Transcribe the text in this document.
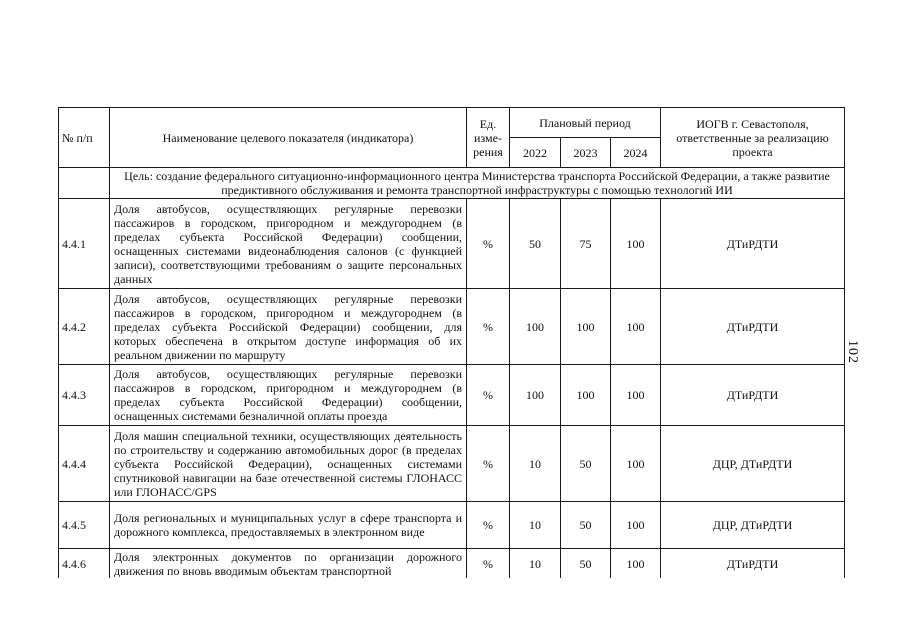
№ п/п	Наименование целевого показателя (индикатора)	Ед. изме-рения	Плановый период			ИОГВ г. Севастополя, ответственные за реализацию проекта
			2022	2023	2024	
	Цель: создание федерального ситуационно-информационного центра Министерства транспорта Российской Федерации, а также развитие предиктивного обслуживания и ремонта транспортной инфраструктуры с помощью технологий ИИ					
4.4.1	Доля автобусов, осуществляющих регулярные перевозки пассажиров в городском, пригородном и междугороднем (в пределах субъекта Российской Федерации) сообщении, оснащенных системами видеонаблюдения салонов (с функцией записи), соответствующими требованиям о защите персональных данных	%	50	75	100	ДТиРДТИ
4.4.2	Доля автобусов, осуществляющих регулярные перевозки пассажиров в городском, пригородном и междугороднем (в пределах субъекта Российской Федерации) сообщении, для которых обеспечена в открытом доступе информация об их реальном движении по маршруту	%	100	100	100	ДТиРДТИ
4.4.3	Доля автобусов, осуществляющих регулярные перевозки пассажиров в городском, пригородном и междугороднем (в пределах субъекта Российской Федерации) сообщении, оснащенных системами безналичной оплаты проезда	%	100	100	100	ДТиРДТИ
4.4.4	Доля машин специальной техники, осуществляющих деятельность по строительству и содержанию автомобильных дорог (в пределах субъекта Российской Федерации), оснащенных системами спутниковой навигации на базе отечественной системы ГЛОНАСС или ГЛОНАСС/GPS	%	10	50	100	ДЦР, ДТиРДТИ
4.4.5	Доля региональных и муниципальных услуг в сфере транспорта и дорожного комплекса, предоставляемых в электронном виде	%	10	50	100	ДЦР, ДТиРДТИ
4.4.6	Доля электронных документов по организации дорожного движения по вновь вводимым объектам транспортной	%	10	50	100	ДТиРДТИ
102
